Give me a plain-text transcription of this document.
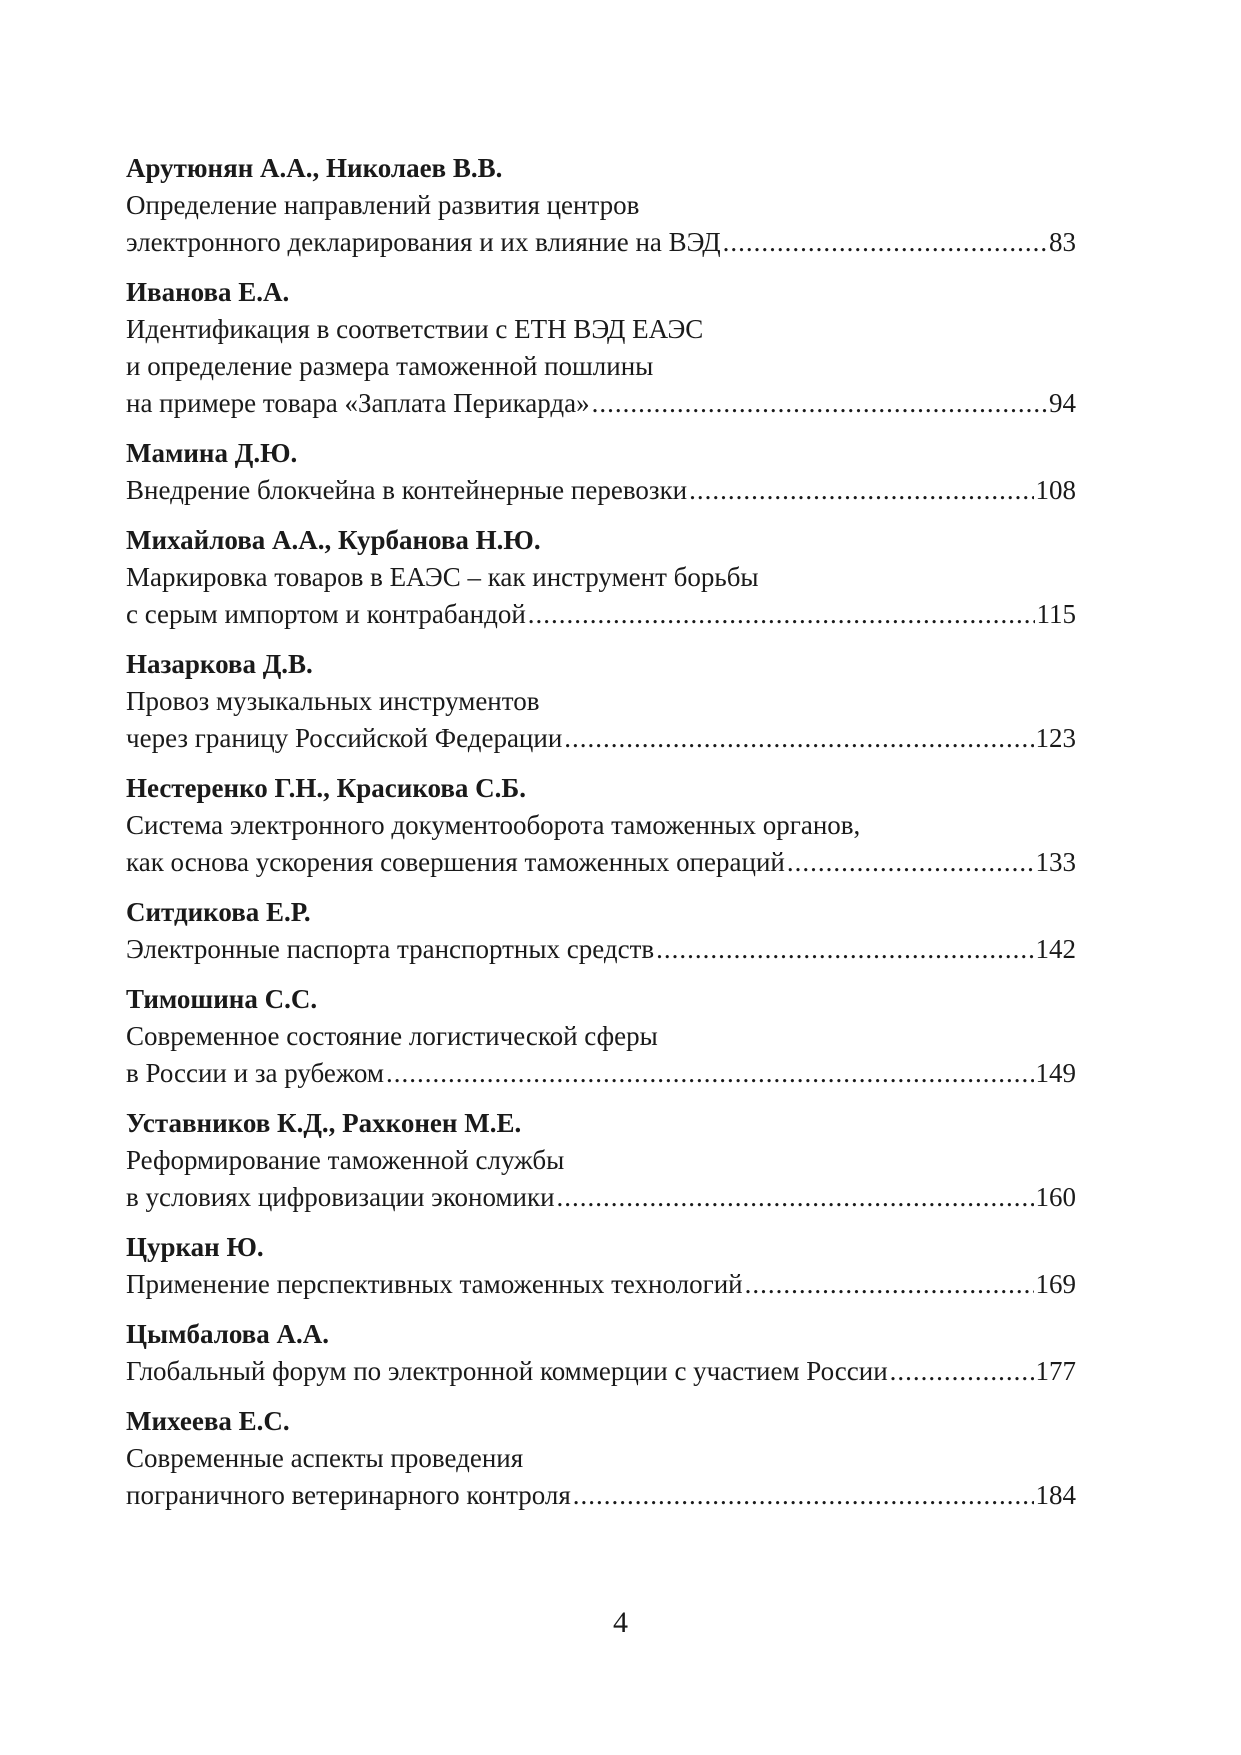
Арутюнян А.А., Николаев В.В.
Определение направлений развития центров
электронного декларирования и их влияние на ВЭД .....	83
Иванова Е.А.
Идентификация в соответствии с ЕТН ВЭД ЕАЭС
и определение размера таможенной пошлины
на примере товара «Заплата Перикарда» .....	94
Мамина Д.Ю.
Внедрение блокчейна в контейнерные перевозки .....	108
Михайлова А.А., Курбанова Н.Ю.
Маркировка товаров в ЕАЭС – как инструмент борьбы
с серым импортом и контрабандой .....	115
Назаркова Д.В.
Провоз музыкальных инструментов
через границу Российской Федерации .....	123
Нестеренко Г.Н., Красикова С.Б.
Система электронного документооборота таможенных органов,
как основа ускорения совершения таможенных операций .....	133
Ситдикова Е.Р.
Электронные паспорта транспортных средств .....	142
Тимошина С.С.
Современное состояние логистической сферы
в России и за рубежом .....	149
Уставников К.Д., Рахконен М.Е.
Реформирование таможенной службы
в условиях цифровизации экономики .....	160
Цуркан Ю.
Применение перспективных таможенных технологий .....	169
Цымбалова А.А.
Глобальный форум по электронной коммерции с участием России .....	177
Михеева Е.С.
Современные аспекты проведения
пограничного ветеринарного контроля .....	184
4
